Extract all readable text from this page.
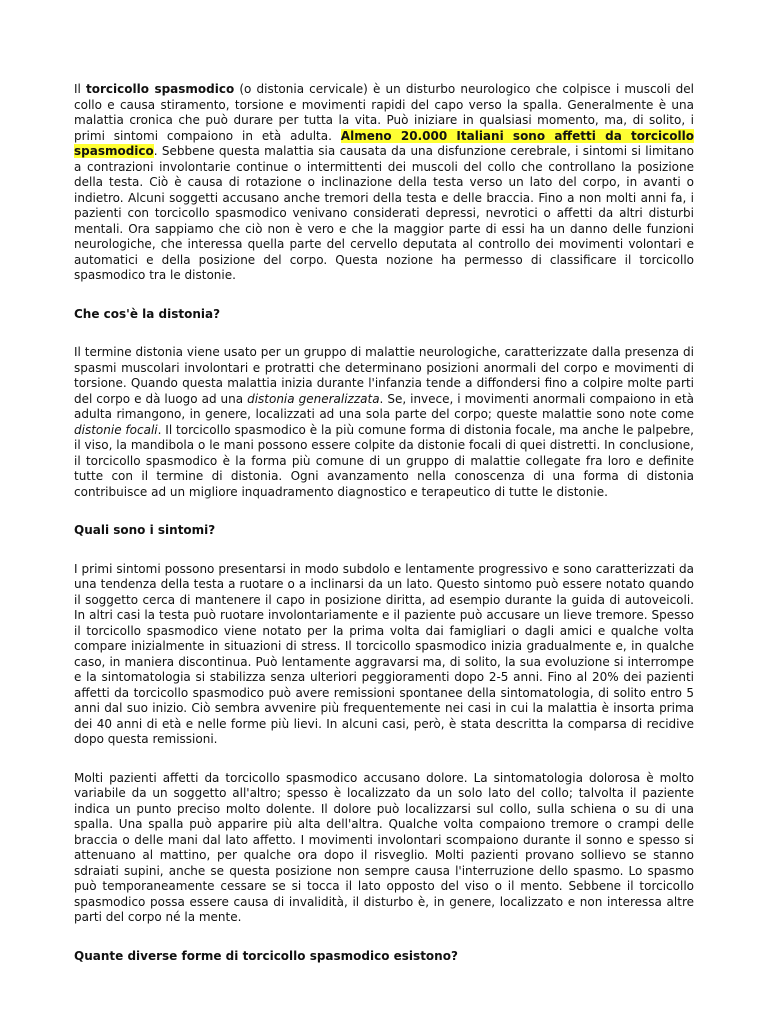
Il torcicollo spasmodico (o distonia cervicale) è un disturbo neurologico che colpisce i muscoli del collo e causa stiramento, torsione e movimenti rapidi del capo verso la spalla. Generalmente è una malattia cronica che può durare per tutta la vita. Può iniziare in qualsiasi momento, ma, di solito, i primi sintomi compaiono in età adulta. Almeno 20.000 Italiani sono affetti da torcicollo spasmodico. Sebbene questa malattia sia causata da una disfunzione cerebrale, i sintomi si limitano a contrazioni involontarie continue o intermittenti dei muscoli del collo che controllano la posizione della testa. Ciò è causa di rotazione o inclinazione della testa verso un lato del corpo, in avanti o indietro. Alcuni soggetti accusano anche tremori della testa e delle braccia. Fino a non molti anni fa, i pazienti con torcicollo spasmodico venivano considerati depressi, nevrotici o affetti da altri disturbi mentali. Ora sappiamo che ciò non è vero e che la maggior parte di essi ha un danno delle funzioni neurologiche, che interessa quella parte del cervello deputata al controllo dei movimenti volontari e automatici e della posizione del corpo. Questa nozione ha permesso di classificare il torcicollo spasmodico tra le distonie.

Che cos'è la distonia?

Il termine distonia viene usato per un gruppo di malattie neurologiche, caratterizzate dalla presenza di spasmi muscolari involontari e protratti che determinano posizioni anormali del corpo e movimenti di torsione. Quando questa malattia inizia durante l'infanzia tende a diffondersi fino a colpire molte parti del corpo e dà luogo ad una distonia generalizzata. Se, invece, i movimenti anormali compaiono in età adulta rimangono, in genere, localizzati ad una sola parte del corpo; queste malattie sono note come distonie focali. Il torcicollo spasmodico è la più comune forma di distonia focale, ma anche le palpebre, il viso, la mandibola o le mani possono essere colpite da distonie focali di quei distretti. In conclusione, il torcicollo spasmodico è la forma più comune di un gruppo di malattie collegate fra loro e definite tutte con il termine di distonia. Ogni avanzamento nella conoscenza di una forma di distonia contribuisce ad un migliore inquadramento diagnostico e terapeutico di tutte le distonie.

Quali sono i sintomi?

I primi sintomi possono presentarsi in modo subdolo e lentamente progressivo e sono caratterizzati da una tendenza della testa a ruotare o a inclinarsi da un lato. Questo sintomo può essere notato quando il soggetto cerca di mantenere il capo in posizione diritta, ad esempio durante la guida di autoveicoli. In altri casi la testa può ruotare involontariamente e il paziente può accusare un lieve tremore. Spesso il torcicollo spasmodico viene notato per la prima volta dai famigliari o dagli amici e qualche volta compare inizialmente in situazioni di stress. Il torcicollo spasmodico inizia gradualmente e, in qualche caso, in maniera discontinua. Può lentamente aggravarsi ma, di solito, la sua evoluzione si interrompe e la sintomatologia si stabilizza senza ulteriori peggioramenti dopo 2-5 anni. Fino al 20% dei pazienti affetti da torcicollo spasmodico può avere remissioni spontanee della sintomatologia, di solito entro 5 anni dal suo inizio. Ciò sembra avvenire più frequentemente nei casi in cui la malattia è insorta prima dei 40 anni di età e nelle forme più lievi. In alcuni casi, però, è stata descritta la comparsa di recidive dopo questa remissioni.

Molti pazienti affetti da torcicollo spasmodico accusano dolore. La sintomatologia dolorosa è molto variabile da un soggetto all'altro; spesso è localizzato da un solo lato del collo; talvolta il paziente indica un punto preciso molto dolente. Il dolore può localizzarsi sul collo, sulla schiena o su di una spalla. Una spalla può apparire più alta dell'altra. Qualche volta compaiono tremore o crampi delle braccia o delle mani dal lato affetto. I movimenti involontari scompaiono durante il sonno e spesso si attenuano al mattino, per qualche ora dopo il risveglio. Molti pazienti provano sollievo se stanno sdraiati supini, anche se questa posizione non sempre causa l'interruzione dello spasmo. Lo spasmo può temporaneamente cessare se si tocca il lato opposto del viso o il mento. Sebbene il torcicollo spasmodico possa essere causa di invalidità, il disturbo è, in genere, localizzato e non interessa altre parti del corpo né la mente.

Quante diverse forme di torcicollo spasmodico esistono?
